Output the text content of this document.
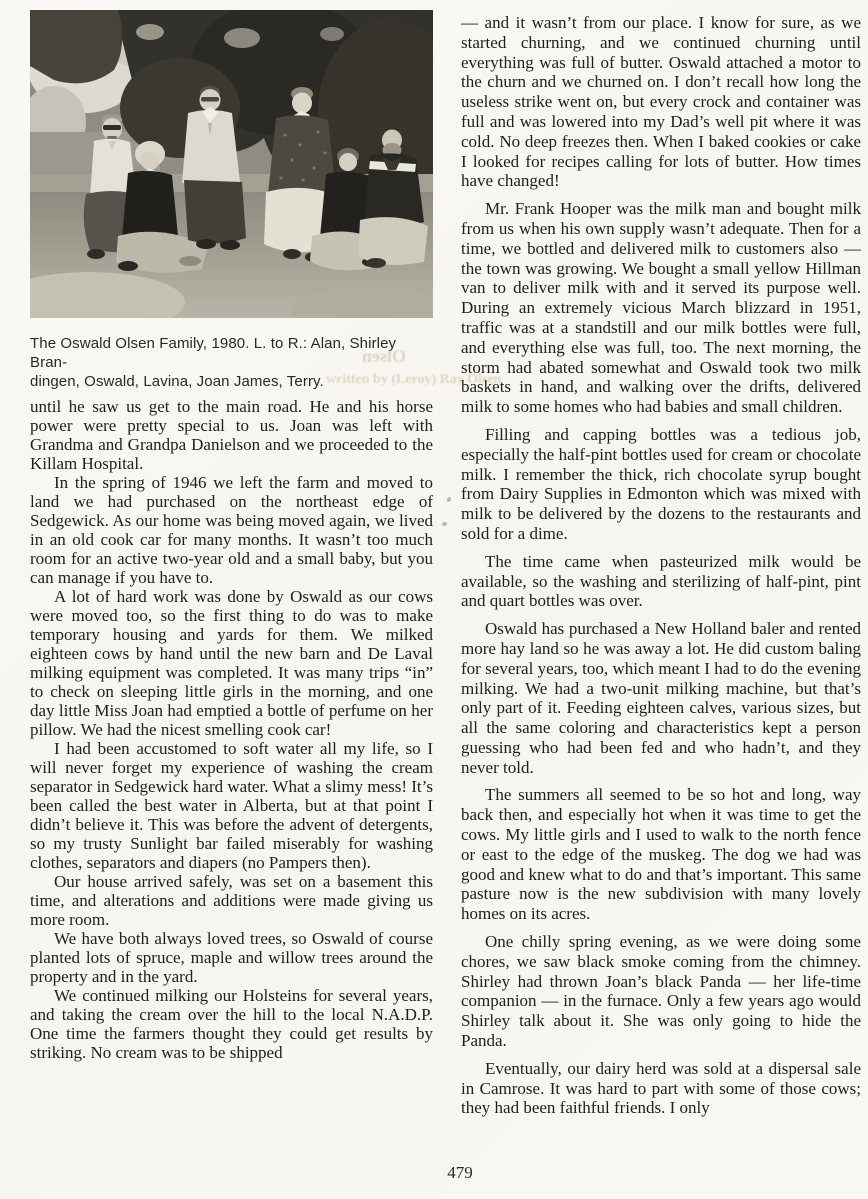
The Oswald Olsen Family, 1980. L. to R.: Alan, Shirley Bran-
dingen, Oswald, Lavina, Joan James, Terry.
Olsen
written by (Leroy) Ray Olsen

until he saw us get to the main road. He and his horse power were pretty special to us. Joan was left with Grandma and Grandpa Danielson and we proceeded to the Killam Hospital.

In the spring of 1946 we left the farm and moved to land we had purchased on the northeast edge of Sedgewick. As our home was being moved again, we lived in an old cook car for many months. It wasn’t too much room for an active two-year old and a small baby, but you can manage if you have to.

A lot of hard work was done by Oswald as our cows were moved too, so the first thing to do was to make temporary housing and yards for them. We milked eighteen cows by hand until the new barn and De Laval milking equipment was completed. It was many trips “in” to check on sleeping little girls in the morning, and one day little Miss Joan had emptied a bottle of perfume on her pillow. We had the nicest smelling cook car!

I had been accustomed to soft water all my life, so I will never forget my experience of washing the cream separator in Sedgewick hard water. What a slimy mess! It’s been called the best water in Alberta, but at that point I didn’t believe it. This was before the advent of detergents, so my trusty Sunlight bar failed miserably for washing clothes, separators and diapers (no Pampers then).

Our house arrived safely, was set on a basement this time, and alterations and additions were made giving us more room.

We have both always loved trees, so Oswald of course planted lots of spruce, maple and willow trees around the property and in the yard.

We continued milking our Holsteins for several years, and taking the cream over the hill to the local N.A.D.P. One time the farmers thought they could get results by striking. No cream was to be shipped

— and it wasn’t from our place. I know for sure, as we started churning, and we continued churning until everything was full of butter. Oswald attached a motor to the churn and we churned on. I don’t recall how long the useless strike went on, but every crock and container was full and was lowered into my Dad’s well pit where it was cold. No deep freezes then. When I baked cookies or cake I looked for recipes calling for lots of butter. How times have changed!

Mr. Frank Hooper was the milk man and bought milk from us when his own supply wasn’t adequate. Then for a time, we bottled and delivered milk to customers also — the town was growing. We bought a small yellow Hillman van to deliver milk with and it served its purpose well. During an extremely vicious March blizzard in 1951, traffic was at a standstill and our milk bottles were full, and everything else was full, too. The next morning, the storm had abated somewhat and Oswald took two milk baskets in hand, and walking over the drifts, delivered milk to some homes who had babies and small children.

Filling and capping bottles was a tedious job, especially the half-pint bottles used for cream or chocolate milk. I remember the thick, rich chocolate syrup bought from Dairy Supplies in Edmonton which was mixed with milk to be delivered by the dozens to the restaurants and sold for a dime.

The time came when pasteurized milk would be available, so the washing and sterilizing of half-pint, pint and quart bottles was over.

Oswald has purchased a New Holland baler and rented more hay land so he was away a lot. He did custom baling for several years, too, which meant I had to do the evening milking. We had a two-unit milking machine, but that’s only part of it. Feeding eighteen calves, various sizes, but all the same coloring and characteristics kept a person guessing who had been fed and who hadn’t, and they never told.

The summers all seemed to be so hot and long, way back then, and especially hot when it was time to get the cows. My little girls and I used to walk to the north fence or east to the edge of the muskeg. The dog we had was good and knew what to do and that’s important. This same pasture now is the new subdivision with many lovely homes on its acres.

One chilly spring evening, as we were doing some chores, we saw black smoke coming from the chimney. Shirley had thrown Joan’s black Panda — her life-time companion — in the furnace. Only a few years ago would Shirley talk about it. She was only going to hide the Panda.

Eventually, our dairy herd was sold at a dispersal sale in Camrose. It was hard to part with some of those cows; they had been faithful friends. I only

479
